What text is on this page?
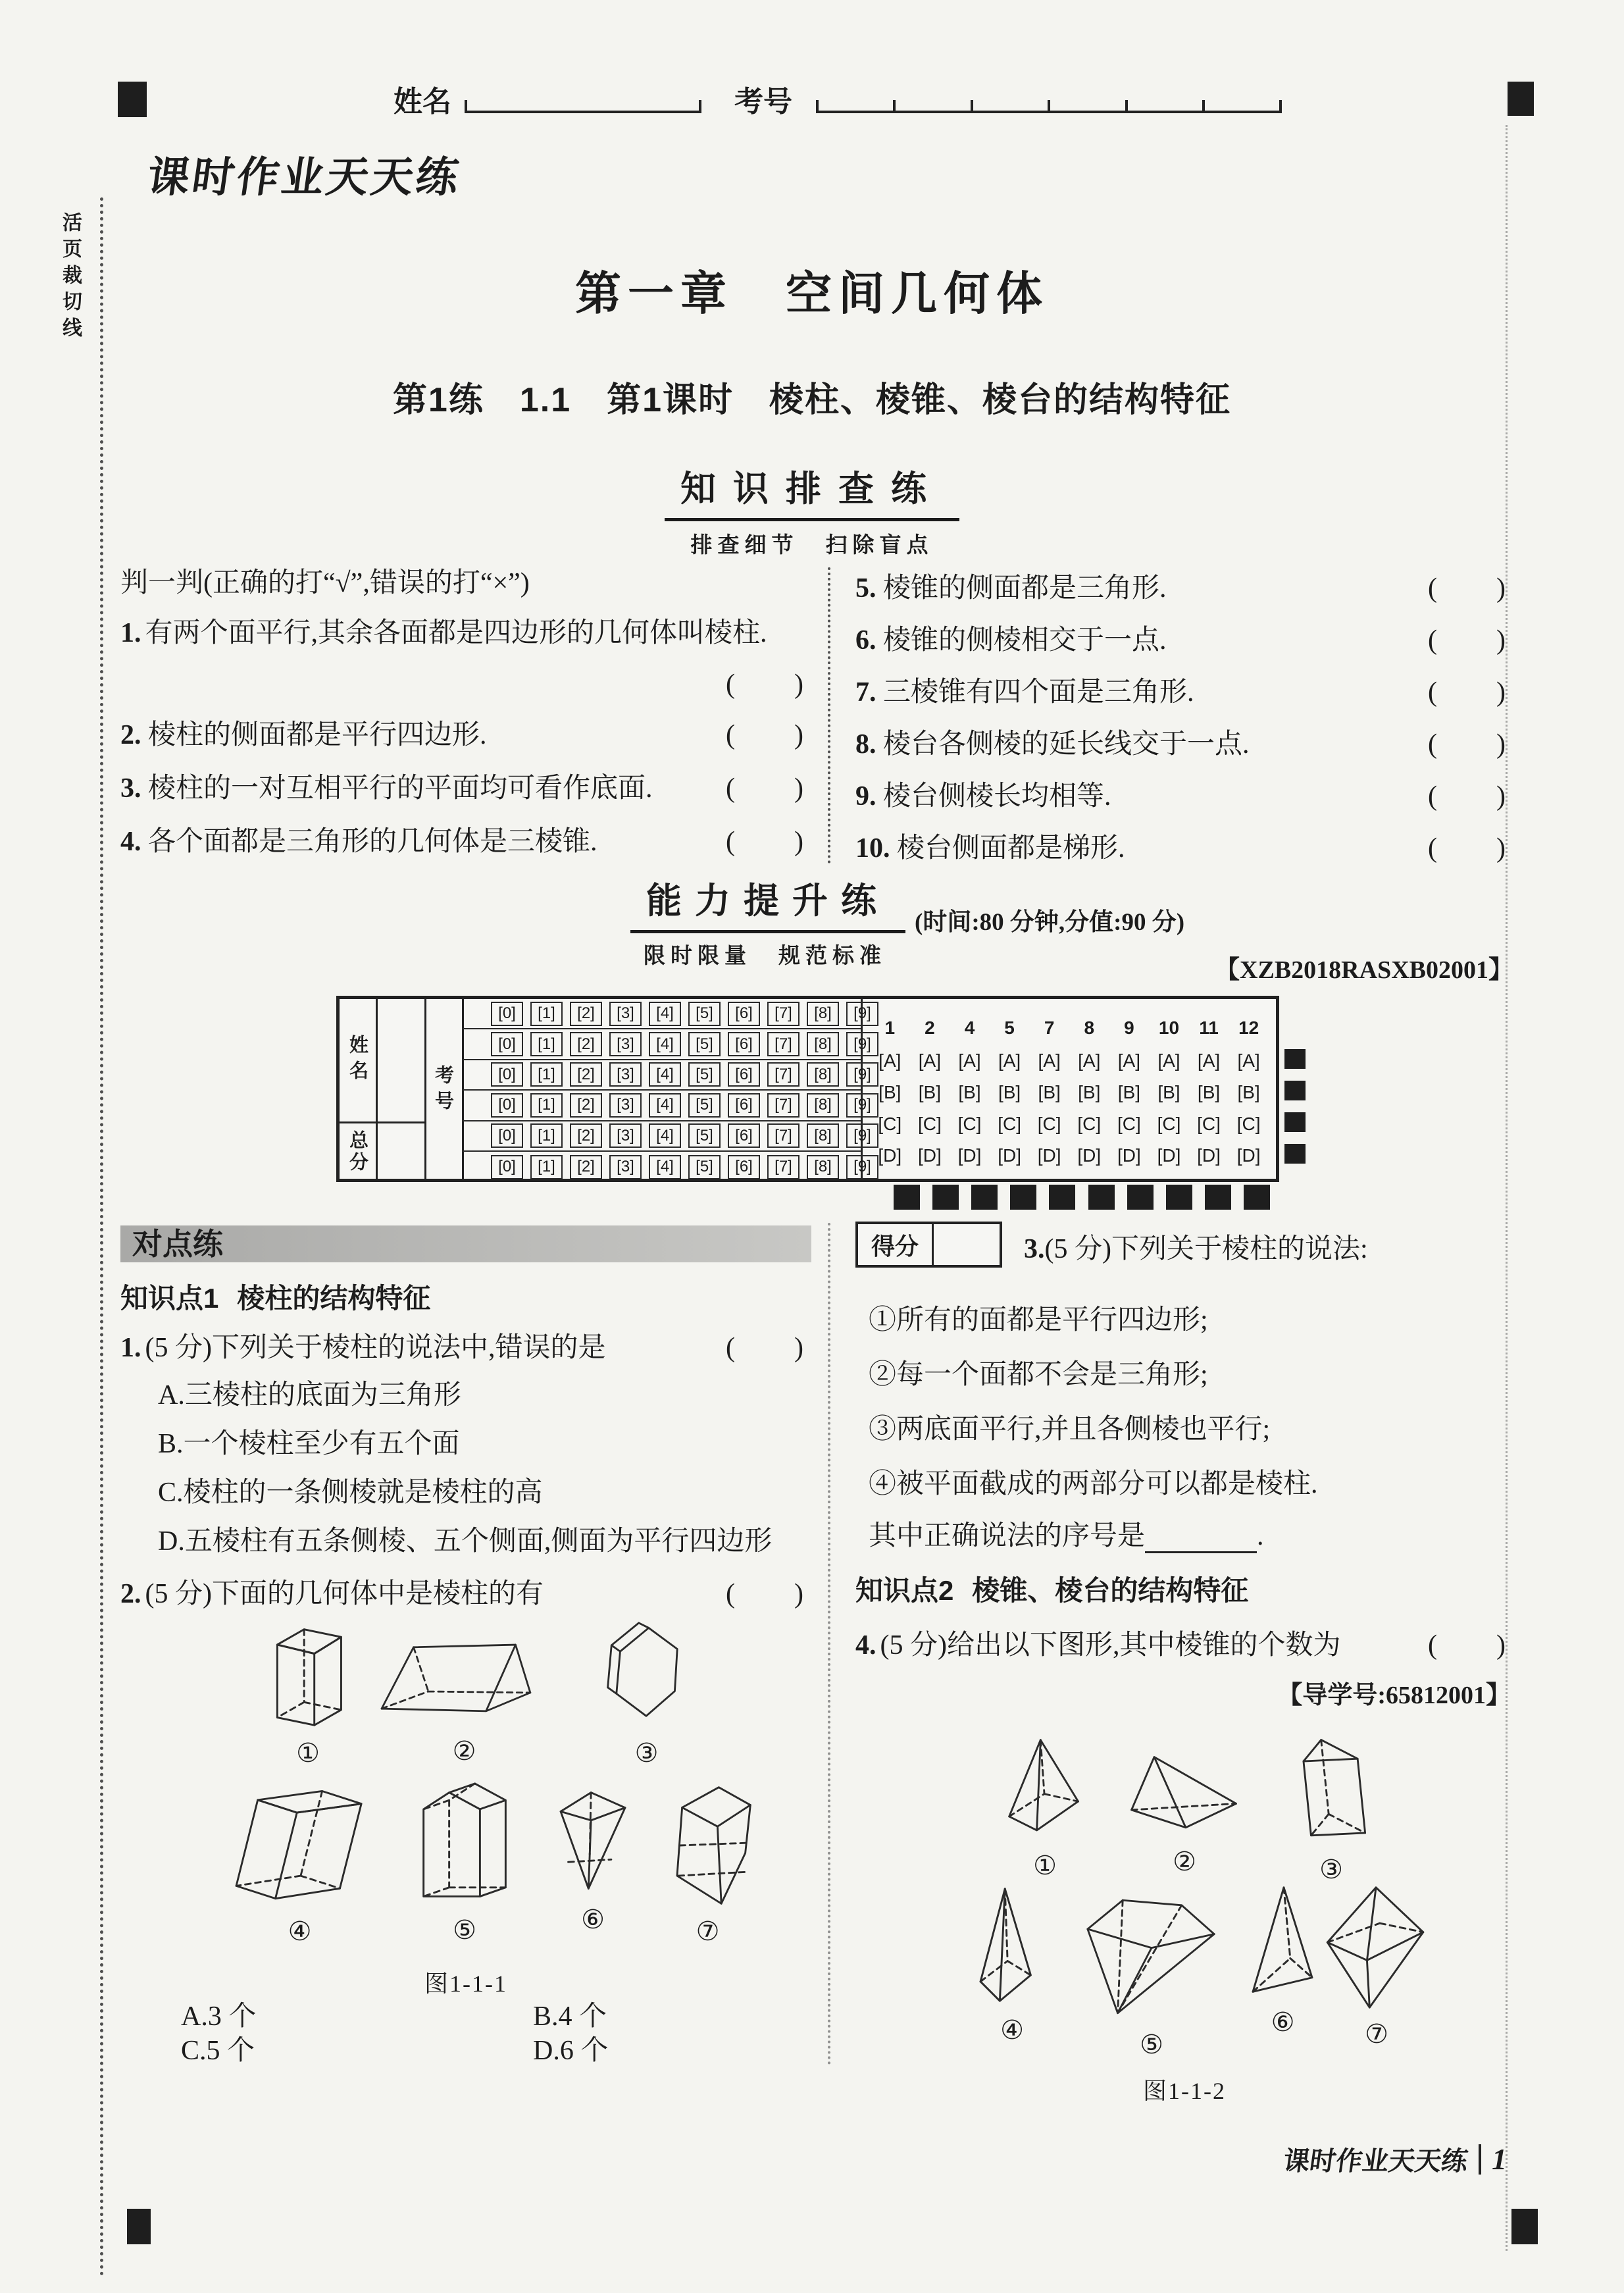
活页裁切线
姓名	考号
课时作业天天练
第一章　空间几何体
第1练　1.1　第1课时　棱柱、棱锥、棱台的结构特征
知识排查练
排查细节　扫除盲点
判一判(正确的打“√”,错误的打“×”)
1. 有两个面平行,其余各面都是四边形的几何体叫棱柱.
(　　)
2. 棱柱的侧面都是平行四边形.	(　　)
3. 棱柱的一对互相平行的平面均可看作底面.	(　　)
4. 各个面都是三角形的几何体是三棱锥.	(　　)
5. 棱锥的侧面都是三角形.	(　　)
6. 棱锥的侧棱相交于一点.	(　　)
7. 三棱锥有四个面是三角形.	(　　)
8. 棱台各侧棱的延长线交于一点.	(　　)
9. 棱台侧棱长均相等.	(　　)
10. 棱台侧面都是梯形.	(　　)
能力提升练
限时限量　规范标准
(时间:80 分钟,分值:90 分)
【XZB2018RASXB02001】
姓名
总分
考号
[0]	[1]	[2]	[3]	[4]	[5]	[6]	[7]	[8]	[9]
[0]	[1]	[2]	[3]	[4]	[5]	[6]	[7]	[8]	[9]
[0]	[1]	[2]	[3]	[4]	[5]	[6]	[7]	[8]	[9]
[0]	[1]	[2]	[3]	[4]	[5]	[6]	[7]	[8]	[9]
[0]	[1]	[2]	[3]	[4]	[5]	[6]	[7]	[8]	[9]
[0]	[1]	[2]	[3]	[4]	[5]	[6]	[7]	[8]	[9]
1	2	4	5	7	8	9	10	11	12
[A] [A] [A] [A] [A] [A] [A] [A] [A] [A]
[B] [B] [B] [B] [B] [B] [B] [B] [B] [B]
[C] [C] [C] [C] [C] [C] [C] [C] [C] [C]
[D] [D] [D] [D] [D] [D] [D] [D] [D] [D]
对点练
知识点1 棱柱的结构特征
1. (5 分)下列关于棱柱的说法中,错误的是	(　　)
A.三棱柱的底面为三角形
B.一个棱柱至少有五个面
C.棱柱的一条侧棱就是棱柱的高
D.五棱柱有五条侧棱、五个侧面,侧面为平行四边形
2. (5 分)下面的几何体中是棱柱的有	(　　)
①	②	③
④	⑤	⑥	⑦
图1-1-1
A.3 个	B.4 个
C.5 个	D.6 个
得分	3.(5 分)下列关于棱柱的说法:
①所有的面都是平行四边形;
②每一个面都不会是三角形;
③两底面平行,并且各侧棱也平行;
④被平面截成的两部分可以都是棱柱.
其中正确说法的序号是	.
知识点2 棱锥、棱台的结构特征
4. (5 分)给出以下图形,其中棱锥的个数为	(　　)
【导学号:65812001】
①	②	③
④	⑤
⑥	⑦
图1-1-2
课时作业天天练 1
